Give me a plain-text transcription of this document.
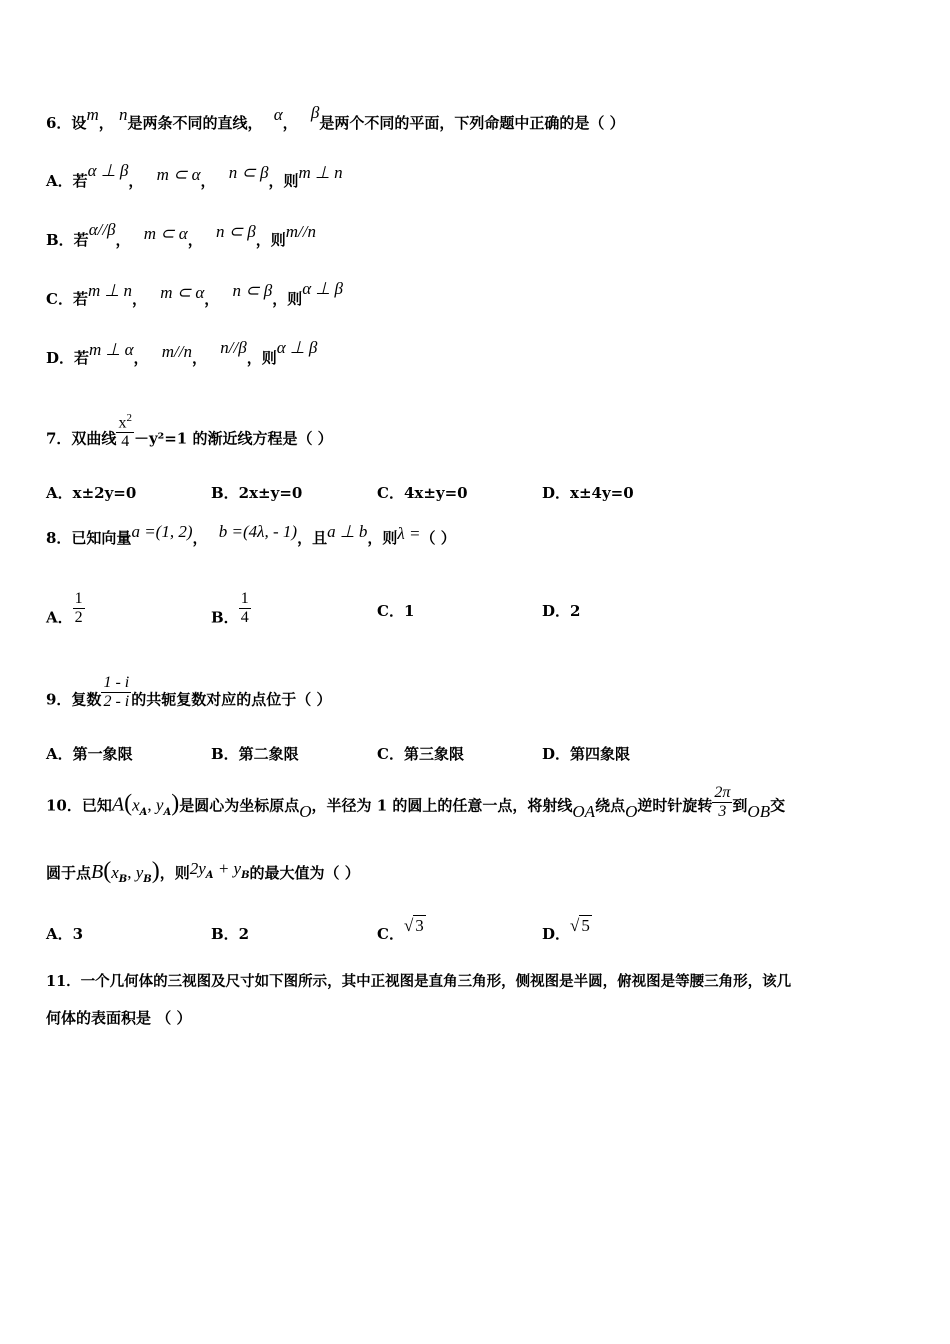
6．设m， n是两条不同的直线， α， β是两个不同的平面，下列命题中正确的是（ ）
A．若α ⊥ β， m ⊂ α， n ⊂ β，则m ⊥ n
B．若α//β， m ⊂ α， n ⊂ β，则m//n
C．若m ⊥ n， m ⊂ α， n ⊂ β，则α ⊥ β
D．若m ⊥ α， m//n， n//β，则α ⊥ β
7．双曲线 $\frac{x^2}{4} -y^2=1$ 的渐近线方程是（ ）
A．x±2y=0	B．2x±y=0	C．4x±y=0	D．x±4y=0
8．已知向量a =(1, 2)， b =(4λ, - 1)，且a ⊥ b，则λ =（ ）
A． $\frac{1}{2}$	B． $\frac{1}{4}$	C．1	D．2
9．复数 $\frac{1 - i}{2 - i}$ 的共轭复数对应的点位于（ ）
A．第一象限	B．第二象限	C．第三象限	D．第四象限
10．已知$A(x_A$, $y_A$)是圆心为坐标原点O，半径为 1 的圆上的任意一点，将射线OA绕点O逆时针旋转 $\frac{2\pi}{3}$ 到OB交
圆于点$B(x_B$, $y_B$)，则2yA + yB的最大值为（ ）
A．3	B．2	C．√ 3	D．√ 5
11．一个几何体的三视图及尺寸如下图所示，其中正视图是直角三角形，侧视图是半圆，俯视图是等腰三角形，该几
何体的表面积是 （ ）
